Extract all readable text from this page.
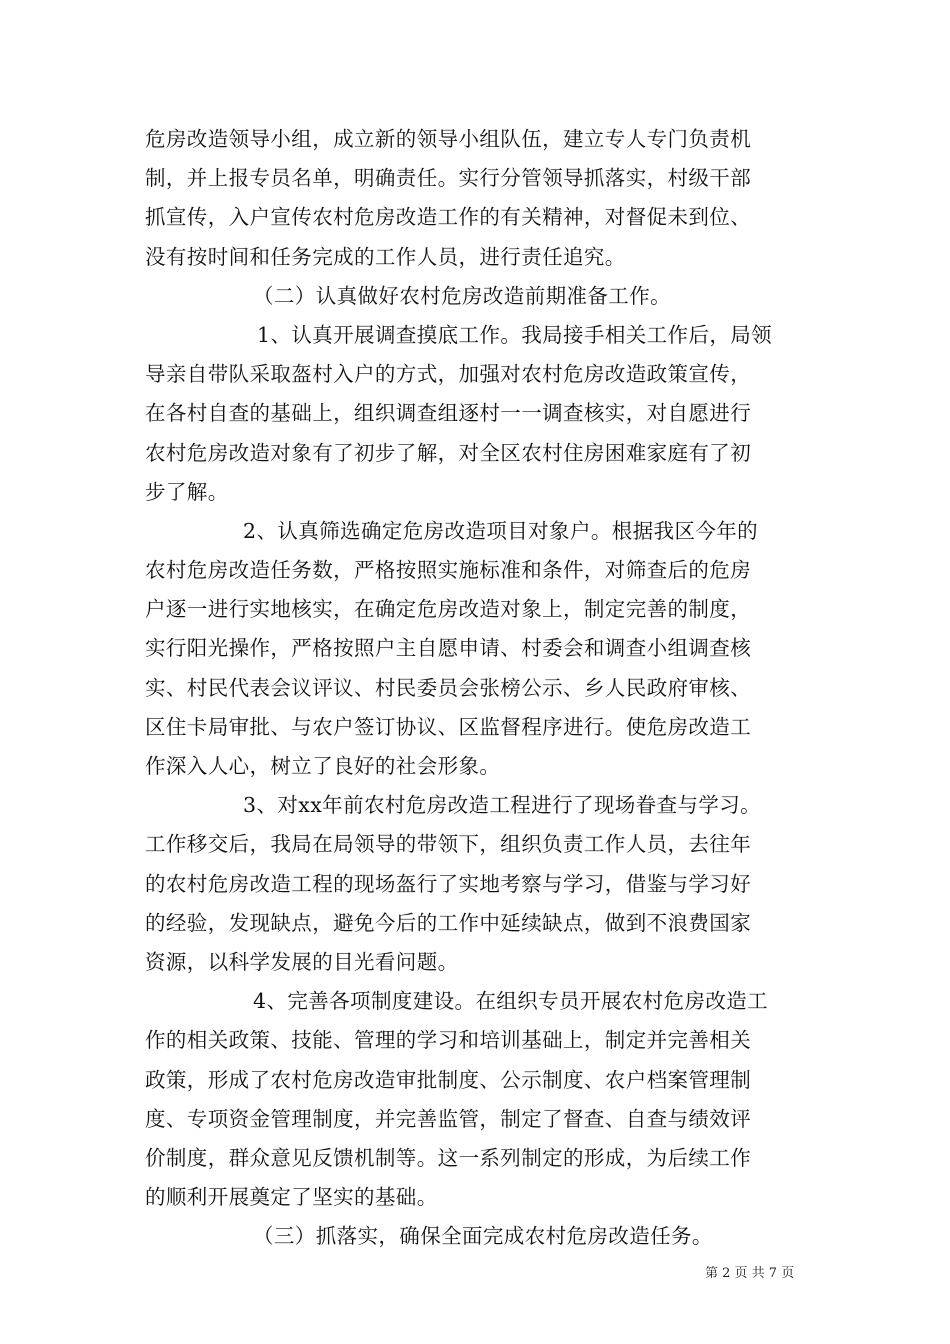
危房改造领导小组，成立新的领导小组队伍，建立专人专门负责机
制，并上报专员名单，明确责任。实行分管领导抓落实，村级干部
抓宣传，入户宣传农村危房改造工作的有关精神，对督促未到位、
没有按时间和任务完成的工作人员，进行责任追究。
（二）认真做好农村危房改造前期准备工作。
1、认真开展调查摸底工作。我局接手相关工作后，局领
导亲自带队采取盔村入户的方式，加强对农村危房改造政策宣传，
在各村自查的基础上，组织调查组逐村一一调查核实，对自愿进行
农村危房改造对象有了初步了解，对全区农村住房困难家庭有了初
步了解。
2、认真筛选确定危房改造项目对象户。根据我区今年的
农村危房改造任务数，严格按照实施标准和条件，对筛查后的危房
户逐一进行实地核实，在确定危房改造对象上，制定完善的制度，
实行阳光操作，严格按照户主自愿申请、村委会和调查小组调查核
实、村民代表会议评议、村民委员会张榜公示、乡人民政府审核、
区住卡局审批、与农户签订协议、区监督程序进行。使危房改造工
作深入人心，树立了良好的社会形象。
3、对xx年前农村危房改造工程进行了现场眷查与学习。
工作移交后，我局在局领导的带领下，组织负责工作人员，去往年
的农村危房改造工程的现场盔行了实地考察与学习，借鉴与学习好
的经验，发现缺点，避免今后的工作中延续缺点，做到不浪费国家
资源，以科学发展的目光看问题。
4、完善各项制度建设。在组织专员开展农村危房改造工
作的相关政策、技能、管理的学习和培训基础上，制定并完善相关
政策，形成了农村危房改造审批制度、公示制度、农户档案管理制
度、专项资金管理制度，并完善监管，制定了督查、自查与绩效评
价制度，群众意见反馈机制等。这一系列制定的形成，为后续工作
的顺利开展奠定了坚实的基础。
（三）抓落实，确保全面完成农村危房改造任务。
第 2 页 共 7 页
